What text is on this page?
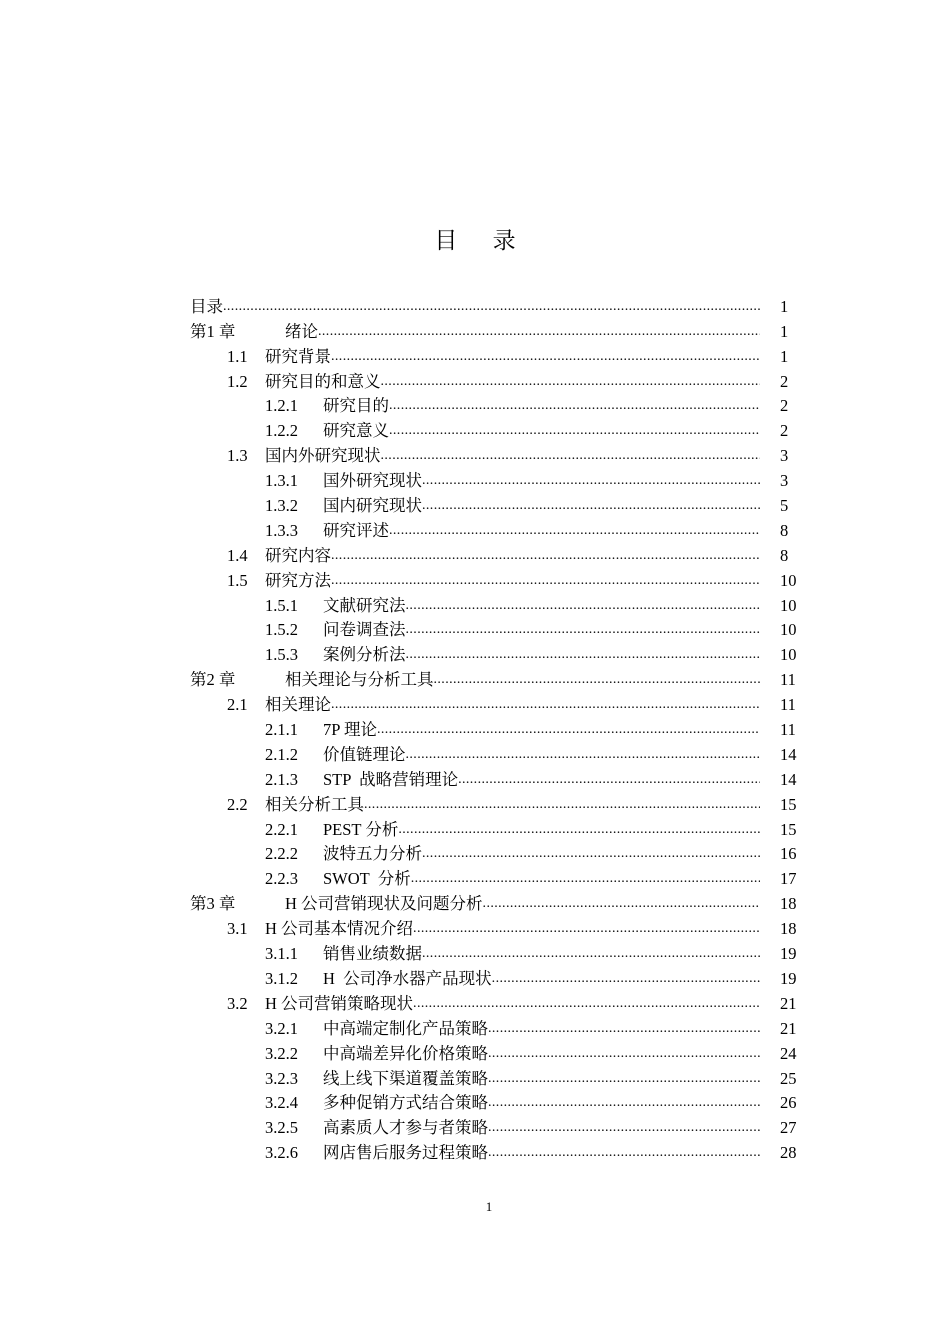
目 录
目录 .....	1
第1 章	绪论 .....	1
1.1	研究背景 .....	1
1.2	研究目的和意义 .....	2
1.2.1	研究目的 .....	2
1.2.2	研究意义 .....	2
1.3	国内外研究现状 .....	3
1.3.1	国外研究现状 .....	3
1.3.2	国内研究现状 .....	5
1.3.3	研究评述 .....	8
1.4	研究内容 .....	8
1.5	研究方法 .....	10
1.5.1	文献研究法 .....	10
1.5.2	问卷调查法 .....	10
1.5.3	案例分析法 .....	10
第2 章	相关理论与分析工具 .....	11
2.1	相关理论 .....	11
2.1.1	7P 理论 .....	11
2.1.2	价值链理论 .....	14
2.1.3	STP  战略营销理论 .....	14
2.2	相关分析工具 .....	15
2.2.1	PEST 分析 .....	15
2.2.2	波特五力分析 .....	16
2.2.3	SWOT  分析 .....	17
第3 章	H 公司营销现状及问题分析 .....	18
3.1	H 公司基本情况介绍 .....	18
3.1.1	销售业绩数据 .....	19
3.1.2	H  公司净水器产品现状 .....	19
3.2	H 公司营销策略现状 .....	21
3.2.1	中高端定制化产品策略 .....	21
3.2.2	中高端差异化价格策略 .....	24
3.2.3	线上线下渠道覆盖策略 .....	25
3.2.4	多种促销方式结合策略 .....	26
3.2.5	高素质人才参与者策略 .....	27
3.2.6	网店售后服务过程策略 .....	28
1
